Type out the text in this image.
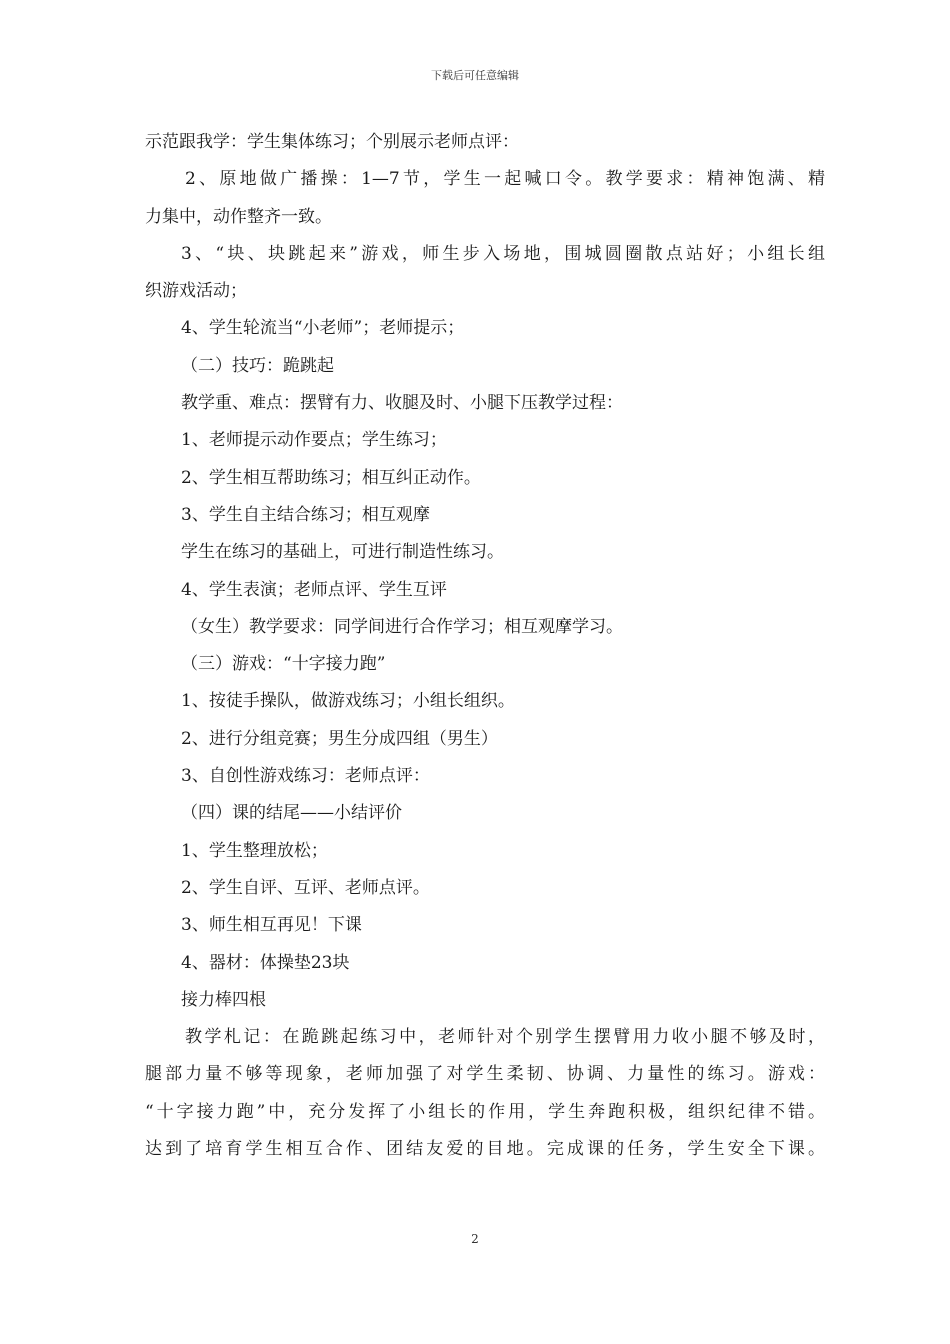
下载后可任意编辑
示范跟我学：学生集体练习；个别展示老师点评：
2、原地做广播操：1—7节，学生一起喊口令。教学要求：精神饱满、精
力集中，动作整齐一致。
3、“块、块跳起来”游戏，师生步入场地，围城圆圈散点站好；小组长组
织游戏活动；
4、学生轮流当“小老师”；老师提示；
（二）技巧：跪跳起
教学重、难点：摆臂有力、收腿及时、小腿下压教学过程：
1、老师提示动作要点；学生练习；
2、学生相互帮助练习；相互纠正动作。
3、学生自主结合练习；相互观摩
学生在练习的基础上，可进行制造性练习。
4、学生表演；老师点评、学生互评
（女生）教学要求：同学间进行合作学习；相互观摩学习。
（三）游戏：“十字接力跑”
1、按徒手操队，做游戏练习；小组长组织。
2、进行分组竞赛；男生分成四组（男生）
3、自创性游戏练习：老师点评：
（四）课的结尾——小结评价
1、学生整理放松；
2、学生自评、互评、老师点评。
3、师生相互再见！下课
4、器材：体操垫23块
接力棒四根
教学札记：在跪跳起练习中，老师针对个别学生摆臂用力收小腿不够及时，
腿部力量不够等现象，老师加强了对学生柔韧、协调、力量性的练习。游戏：
“十字接力跑”中，充分发挥了小组长的作用，学生奔跑积极，组织纪律不错。
达到了培育学生相互合作、团结友爱的目地。完成课的任务，学生安全下课。
2
